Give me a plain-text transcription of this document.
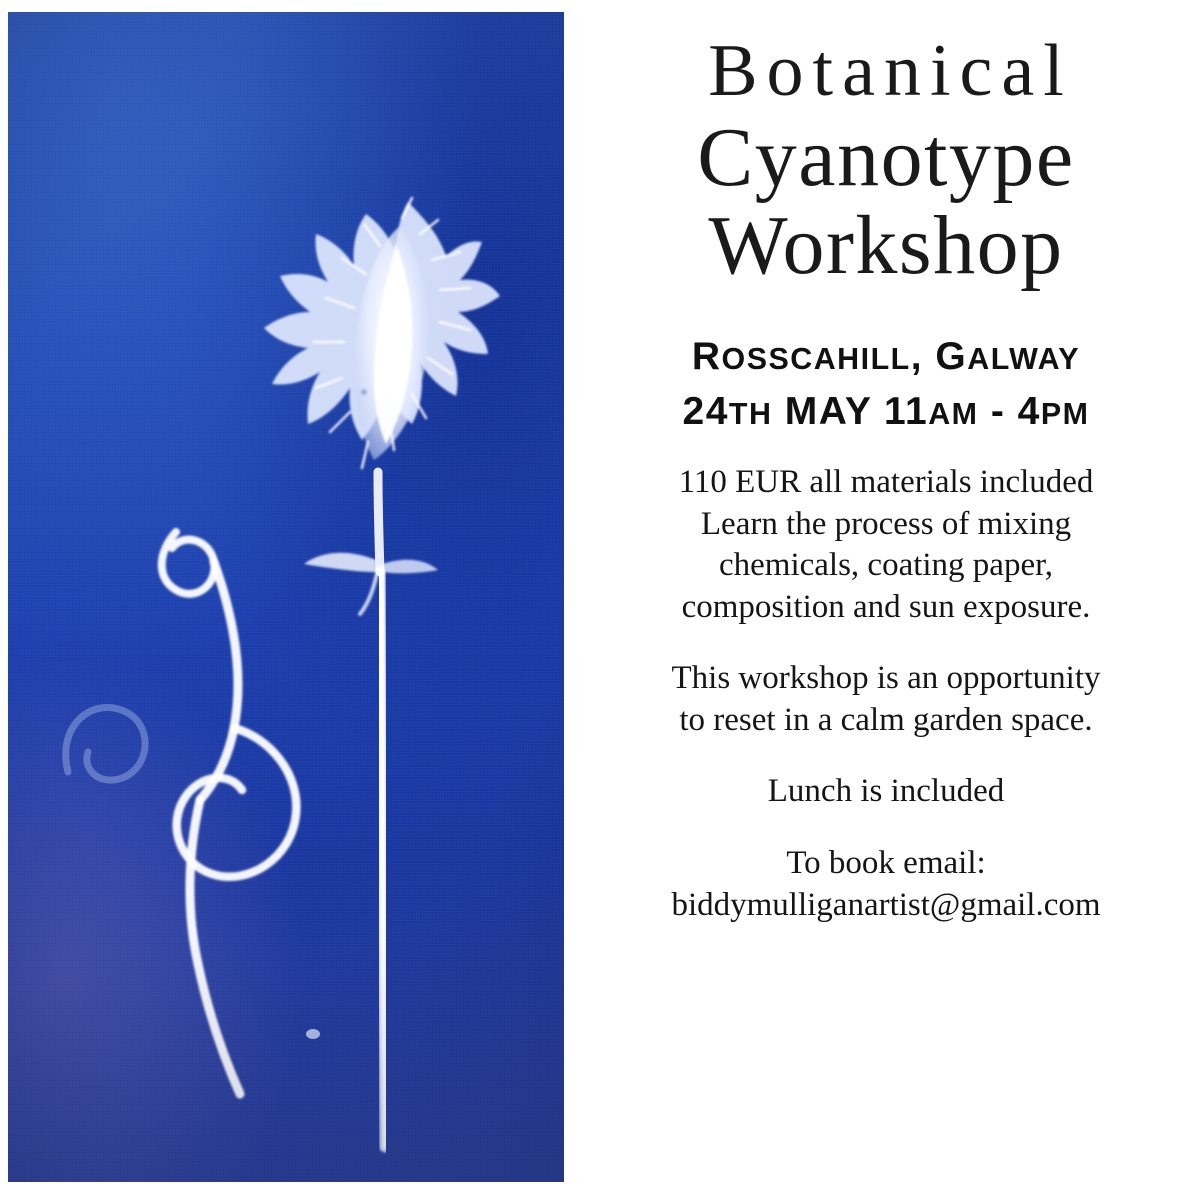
Botanical
Cyanotype
Workshop
ROSSCAHILL, GALWAY
24TH MAY 11AM - 4PM

110 EUR all materials included

Learn the process of mixing

chemicals, coating paper,

composition and sun exposure.

This workshop is an opportunity

to reset in a calm garden space.

Lunch is included

To book email:

biddymulliganartist@gmail.com
